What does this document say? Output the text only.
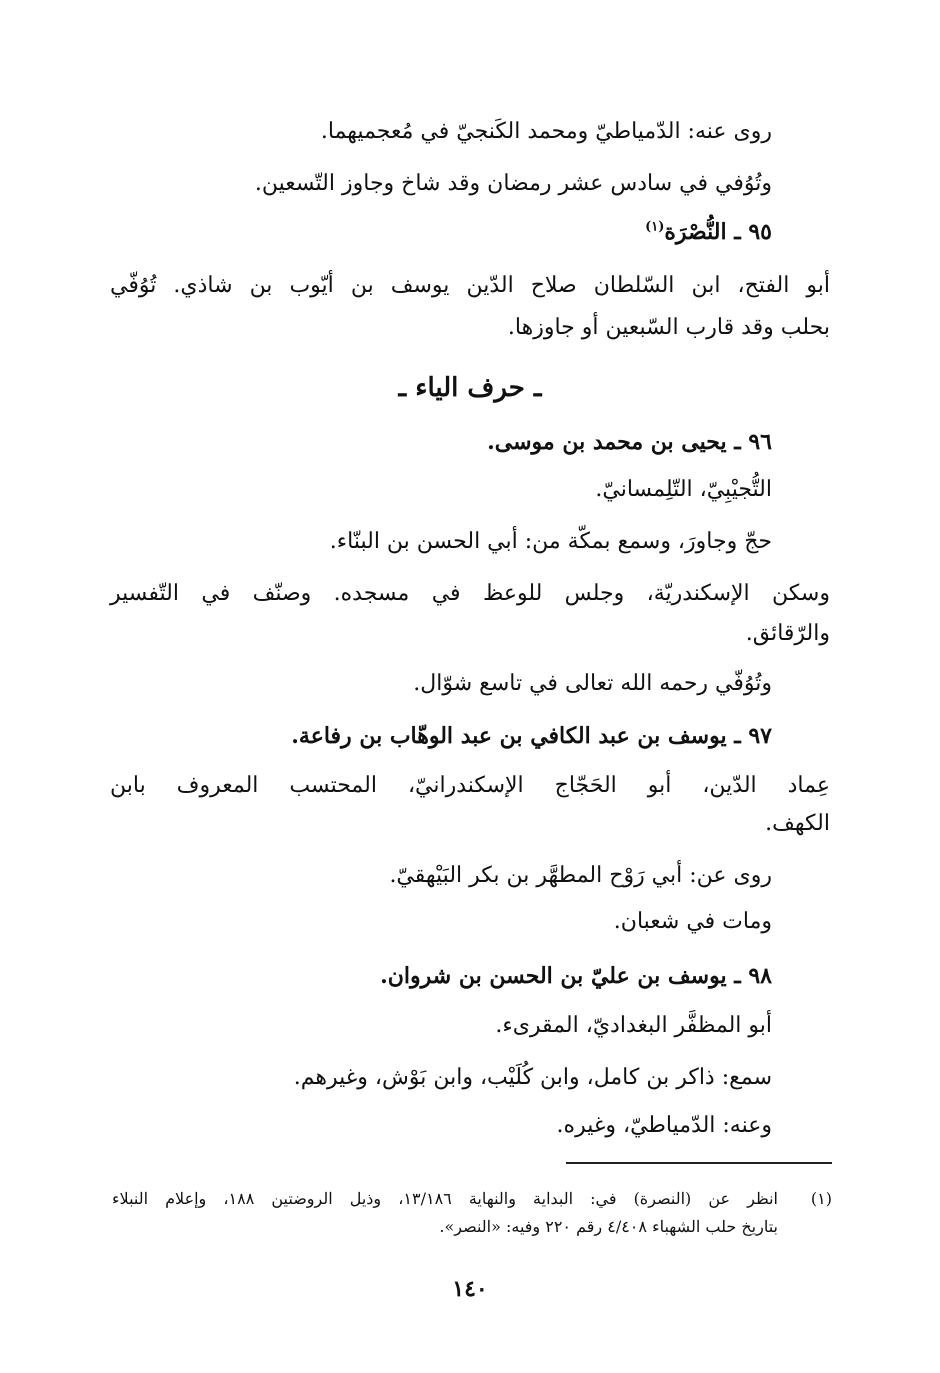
روى عنه: الدّمياطيّ ومحمد الكَنجيّ في مُعجميهما.

وتُوُفي في سادس عشر رمضان وقد شاخ وجاوز التّسعين.

٩٥ ـ النُّصْرَة$^{(١)}$

أبو الفتح، ابن السّلطان صلاح الدّين يوسف بن أيّوب بن شاذي. تُوُفّي

بحلب وقد قارب السّبعين أو جاوزها.

ـ حرف الياء ـ

٩٦ ـ يحيى بن محمد بن موسى.

التُّجيْبِيّ، التّلِمسانيّ.

حجّ وجاورَ، وسمع بمكّة من: أبي الحسن بن البنّاء.

وسكن الإسكندريّة، وجلس للوعظ في مسجده. وصنّف في التّفسير

والرّقائق.

وتُوُفّي رحمه الله تعالى في تاسع شوّال.

٩٧ ـ يوسف بن عبد الكافي بن عبد الوهّاب بن رفاعة.

عِماد الدّين، أبو الحَجّاج الإسكندرانيّ، المحتسب المعروف بابن

الكهف.

روى عن: أبي رَوْح المطهَّر بن بكر البَيْهقيّ.

ومات في شعبان.

٩٨ ـ يوسف بن عليّ بن الحسن بن شروان.

أبو المظفَّر البغداديّ، المقرىء.

سمع: ذاكر بن كامل، وابن كُلَيْب، وابن بَوْش، وغيرهم.

وعنه: الدّمياطيّ، وغيره.

(١)
انظر عن (النصرة) في: البداية والنهاية ١٣/١٨٦، وذيل الروضتين ١٨٨، وإعلام النبلاء
بتاريخ حلب الشهباء ٤/٤٠٨ رقم ٢٢٠ وفيه: «النصر».
١٤٠
